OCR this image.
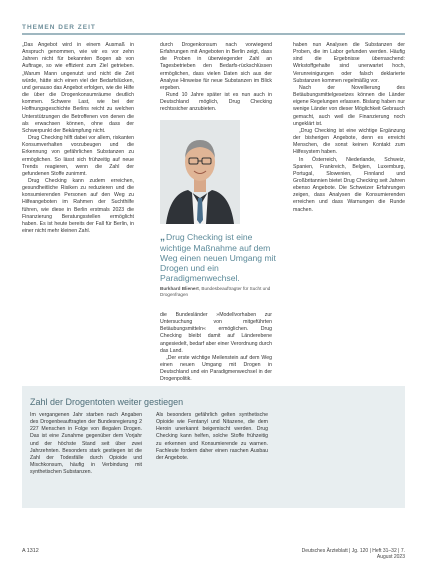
THEMEN DER ZEIT

„Das Angebot wird in einem Ausmaß in Anspruch genommen, wie wir es vor zehn Jahren nicht für bekannten Bogen ab von Auftrage, so wie effizient zum Ziel getrieben. „Warum Mann ungenutzt und nicht die Zeit würde, hätte sich einen viel der Bedarfslücken, und genauso das Angebot erfolgen, wie die Hilfe die über die Drogenkonsumräume deutlich kommen. Schwere Last, wie bei der Hoffnungsgeschichte Berlins reicht zu welchen Unterstützungen die Betroffenen von denen die als erwachsen können, ohne dass der Schwerpunkt der Bekämpfung nicht.

Drug Checking hilft dabei vor allem, riskanten Konsumverhalten vorzubeugen und die Erkennung von gefährlichen Substanzen zu ermöglichen. So lässt sich frühzeitig auf neue Trends reagieren, wenn die Zahl der gefundenen Stoffe zunimmt.

Drug Checking kann zudem erreichen, gesundheitliche Risiken zu reduzieren und die konsumierenden Personen auf den Weg zu Hilfeangeboten im Rahmen der Suchthilfe führen, wie diese in Berlin erstmals 2023 die Finanzierung Beratungsstellen ermöglicht haben. Es ist heute bereits der Fall für Berlin, in einer nicht mehr kleinen Zahl.

durch Drogenkonsum nach vorwiegend Erfahrungen mit Angeboten in Berlin zeigt, dass die Proben in überwiegender Zahl an Tagesbetrieben den Bedarfs-rückschlüssen ermöglichen, dass vielen Daten sich aus der Analyse Hinweise für neue Substanzen im Blick ergeben.

Rund 10 Jahre später ist es nun auch in Deutschland möglich, Drug Checking rechtssicher anzubieten.

„Drug Checking ist eine wichtige Maßnahme auf dem Weg einen neuen Umgang mit Drogen und ein Paradigmenwechsel.
Burkhard Blienert, Bundesbeauftragter für Sucht und Drogenfragen

die Bundesländer »Modellvorhaben zur Untersuchung von mitgeführten Betäubungsmitteln« ermöglichen. Drug Checking bleibt damit auf Länderebene angesiedelt, bedarf aber einer Verordnung durch das Land.

„Der erste wichtige Meilenstein auf dem Weg einen neuen Umgang mit Drogen in Deutschland und ein Paradigmenwechsel in der Drogenpolitik.

haben nun Analysen die Substanzen der Proben, die im Labor gefunden werden. Häufig sind die Ergebnisse überraschend: Wirkstoffgehalte sind unerwartet hoch, Verunreinigungen oder falsch deklarierte Substanzen kommen regelmäßig vor.

Nach der Novellierung des Betäubungsmittelgesetzes können die Länder eigene Regelungen erlassen. Bislang haben nur wenige Länder von dieser Möglichkeit Gebrauch gemacht, auch weil die Finanzierung noch ungeklärt ist.

„Drug Checking ist eine wichtige Ergänzung der bisherigen Angebote, denn es erreicht Menschen, die sonst keinen Kontakt zum Hilfesystem haben.

In Österreich, Niederlande, Schweiz, Spanien, Frankreich, Belgien, Luxemburg, Portugal, Slowenien, Finnland und Großbritannien bietet Drug Checking seit Jahren ebenso Angebote. Die Schweizer Erfahrungen zeigen, dass Analysen die Konsumierenden erreichen und dass Warnungen die Runde machen.

Zahl der Drogentoten weiter gestiegen
Im vergangenen Jahr starben nach Angaben des Drogenbeauftragten der Bundesregierung 2 227 Menschen in Folge von illegalen Drogen. Das ist eine Zunahme gegenüber dem Vorjahr und der höchste Stand seit über zwei Jahrzehnten. Besonders stark gestiegen ist die Zahl der Todesfälle durch Opioide und Mischkonsum, häufig in Verbindung mit synthetischen Substanzen.
Als besonders gefährlich gelten synthetische Opioide wie Fentanyl und Nitazene, die dem Heroin unerkannt beigemischt werden. Drug Checking kann helfen, solche Stoffe frühzeitig zu erkennen und Konsumierende zu warnen. Fachleute fordern daher einen raschen Ausbau der Angebote.
A 1312	Deutsches Ärzteblatt | Jg. 120 | Heft 31–32 | 7. August 2023
